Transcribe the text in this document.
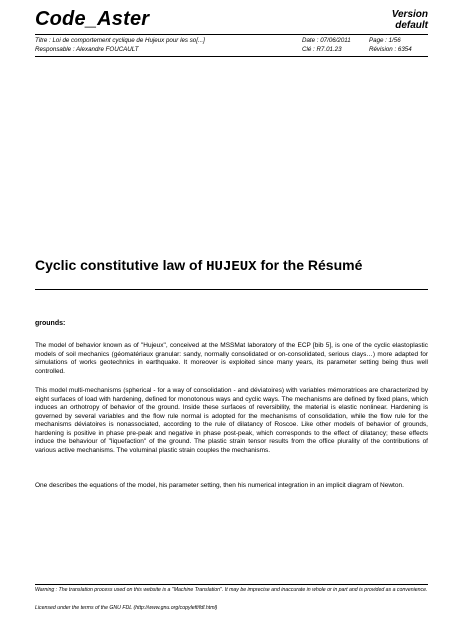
Code_Aster	Version
default
Titre : Loi de comportement cyclique de Hujeux pour les so[...]	Date : 07/06/2011	Page : 1/56
Responsable : Alexandre FOUCAULT	Clé : R7.01.23	Révision : 6354
Cyclic constitutive law of HUJEUX for the Résumé
grounds:

The model of behavior known as of "Hujeux", conceived at the MSSMat laboratory of the ECP [bib 5], is one of the cyclic elastoplastic models of soil mechanics (géomatériaux granular: sandy, normally consolidated or on-consolidated, serious clays…) more adapted for simulations of works geotechnics in earthquake. It moreover is exploited since many years, its parameter setting being thus well controlled.

This model multi-mechanisms (spherical - for a way of consolidation - and déviatoires) with variables mémoratrices are characterized by eight surfaces of load with hardening, defined for monotonous ways and cyclic ways. The mechanisms are defined by fixed plans, which induces an orthotropy of behavior of the ground. Inside these surfaces of reversibility, the material is elastic nonlinear. Hardening is governed by several variables and the flow rule normal is adopted for the mechanisms of consolidation, while the flow rule for the mechanisms déviatoires is nonassociated, according to the rule of dilatancy of Roscoe. Like other models of behavior of grounds, hardening is positive in phase pre-peak and negative in phase post-peak, which corresponds to the effect of dilatancy; these effects induce the behaviour of "liquefaction" of the ground. The plastic strain tensor results from the office plurality of the contributions of various active mechanisms. The voluminal plastic strain couples the mechanisms.

One describes the equations of the model, his parameter setting, then his numerical integration in an implicit diagram of Newton.

Warning : The translation process used on this website is a "Machine Translation". It may be imprecise and inaccurate in whole or in part and is provided as a convenience.

Licensed under the terms of the GNU FDL (http://www.gnu.org/copyleft/fdl.html)
